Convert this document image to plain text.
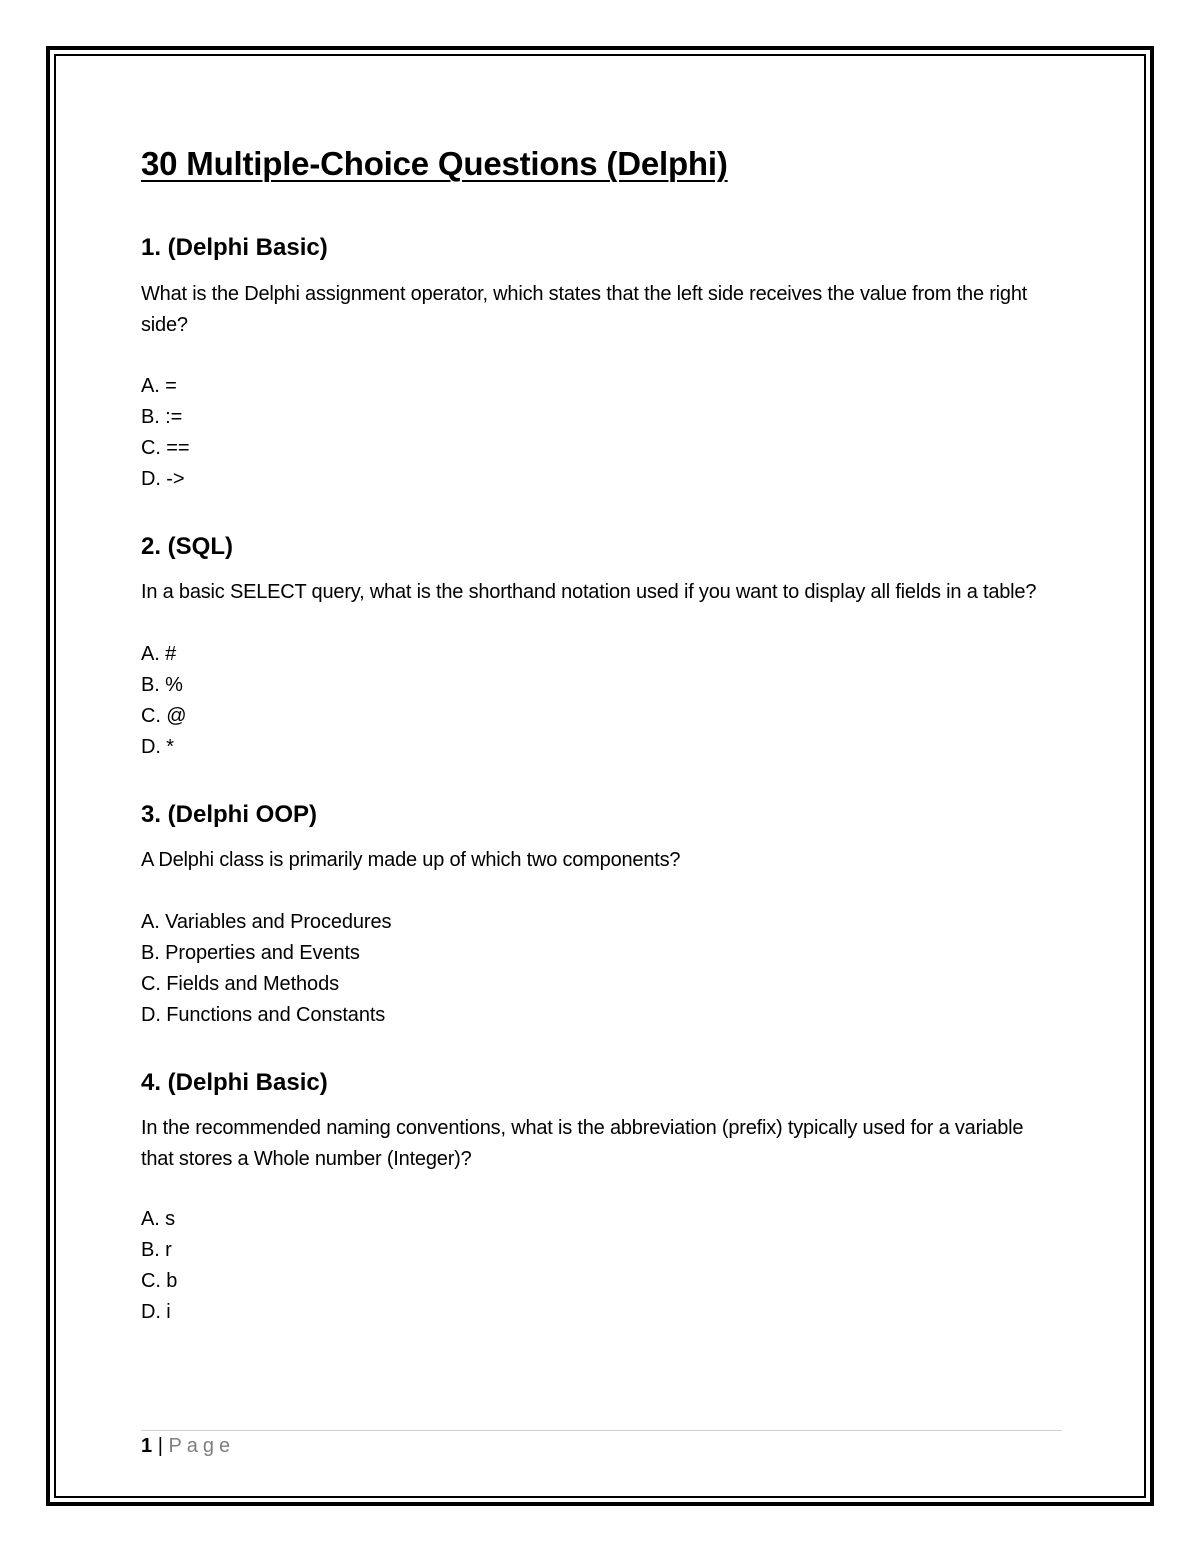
30 Multiple-Choice Questions (Delphi)
1. (Delphi Basic)

What is the Delphi assignment operator, which states that the left side receives the value from the right side?

A. =
B. :=
C. ==
D. ->
2. (SQL)

In a basic SELECT query, what is the shorthand notation used if you want to display all fields in a table?

A. #
B. %
C. @
D. *
3. (Delphi OOP)

A Delphi class is primarily made up of which two components?

A. Variables and Procedures
B. Properties and Events
C. Fields and Methods
D. Functions and Constants
4. (Delphi Basic)

In the recommended naming conventions, what is the abbreviation (prefix) typically used for a variable that stores a Whole number (Integer)?

A. s
B. r
C. b
D. i
1 | Page
